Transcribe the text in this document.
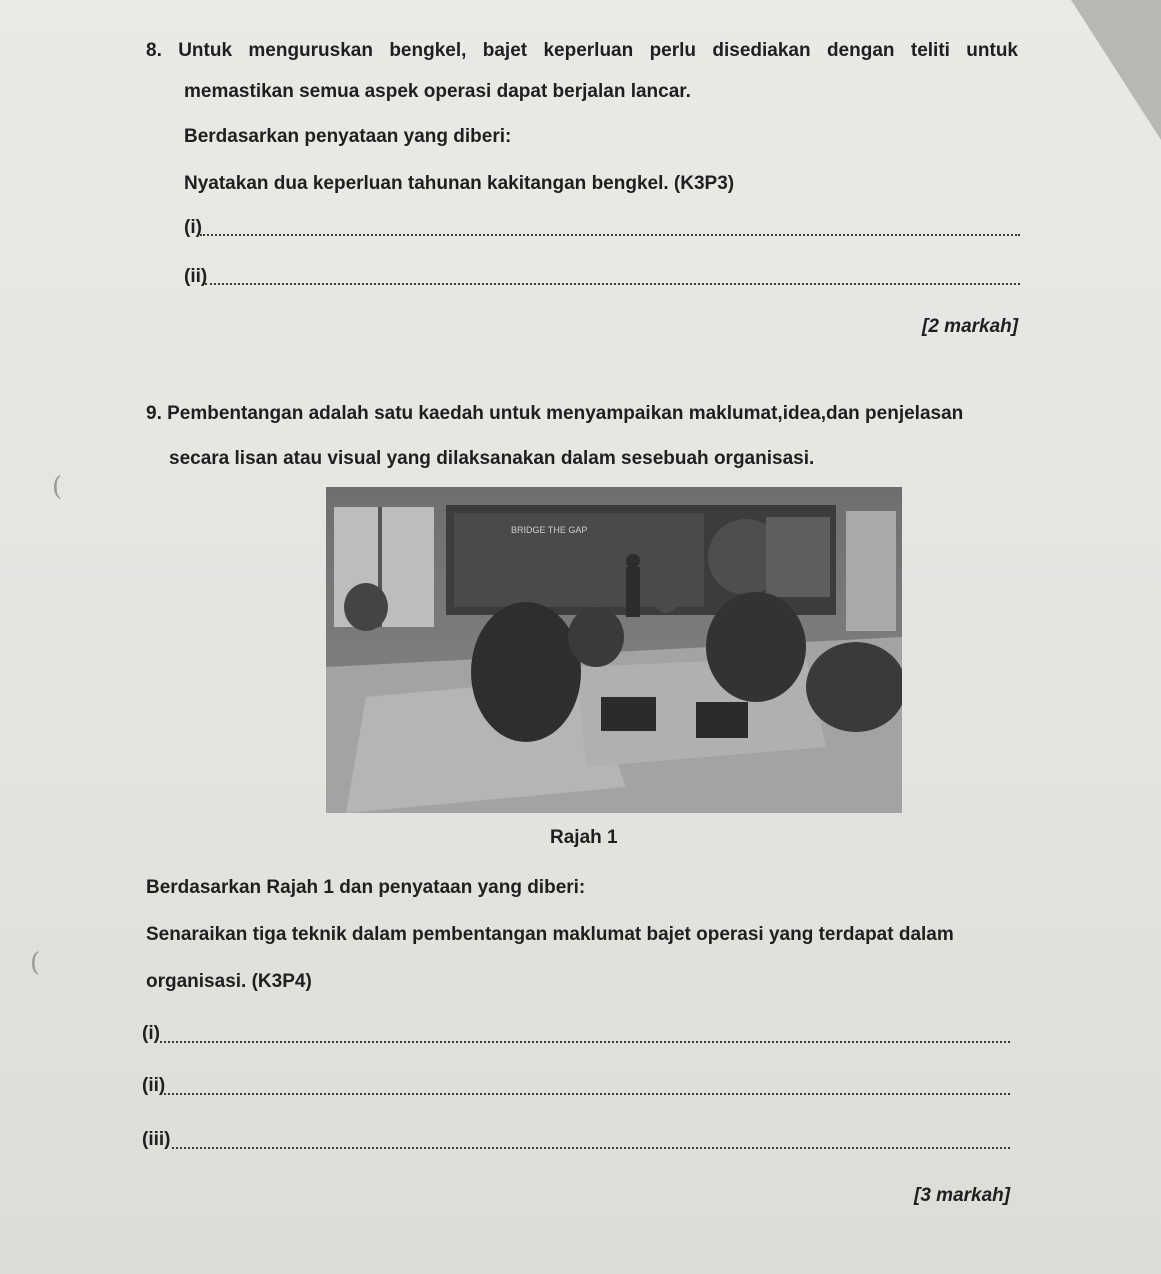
8. Untuk menguruskan bengkel, bajet keperluan perlu disediakan dengan teliti untuk
memastikan semua aspek operasi dapat berjalan lancar.
Berdasarkan penyataan yang diberi:
Nyatakan dua keperluan tahunan kakitangan bengkel. (K3P3)
(i)
(ii)
[2 markah]
9. Pembentangan adalah satu kaedah untuk menyampaikan maklumat,idea,dan penjelasan
secara lisan atau visual yang dilaksanakan dalam sesebuah organisasi.
(
BRIDGE THE GAP
Rajah 1
Berdasarkan Rajah 1 dan penyataan yang diberi:
Senaraikan tiga teknik dalam pembentangan maklumat bajet operasi yang terdapat dalam
(
organisasi. (K3P4)
(i)
(ii)
(iii)
[3 markah]
